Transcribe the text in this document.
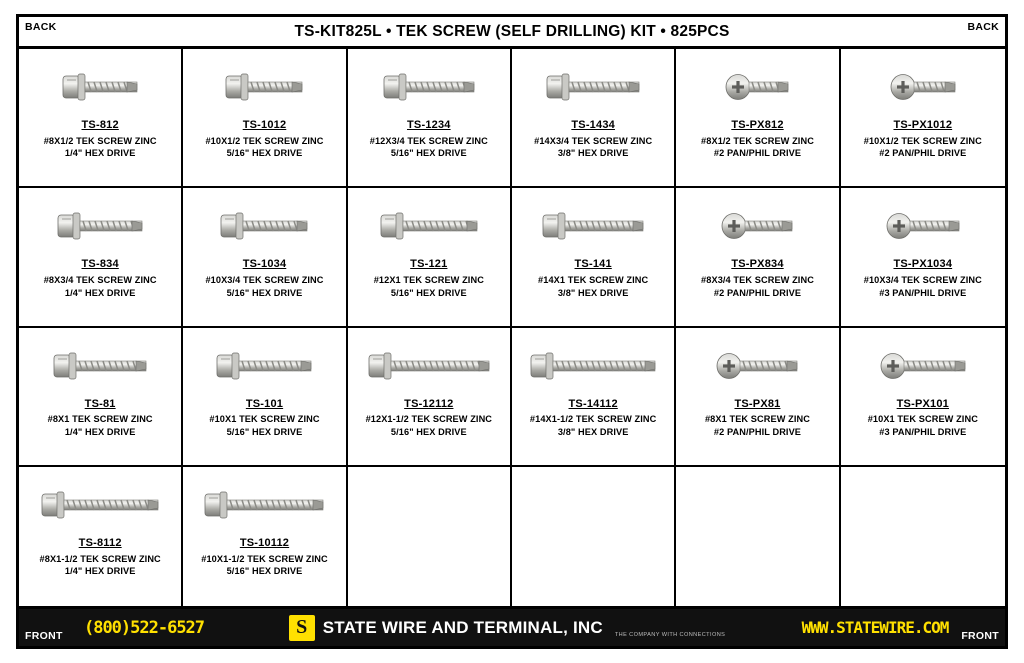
BACK	TS-KIT825L • TEK SCREW (SELF DRILLING) KIT • 825PCS	BACK
TS-812
#8X1/2 TEK SCREW ZINC
1/4" HEX DRIVE
TS-1012
#10X1/2 TEK SCREW ZINC
5/16" HEX DRIVE
TS-1234
#12X3/4 TEK SCREW ZINC
5/16" HEX DRIVE
TS-1434
#14X3/4 TEK SCREW ZINC
3/8" HEX DRIVE
TS-PX812
#8X1/2 TEK SCREW ZINC
#2 PAN/PHIL DRIVE
TS-PX1012
#10X1/2 TEK SCREW ZINC
#2 PAN/PHIL DRIVE
TS-834
#8X3/4 TEK SCREW ZINC
1/4" HEX DRIVE
TS-1034
#10X3/4 TEK SCREW ZINC
5/16" HEX DRIVE
TS-121
#12X1 TEK SCREW ZINC
5/16" HEX DRIVE
TS-141
#14X1 TEK SCREW ZINC
3/8" HEX DRIVE
TS-PX834
#8X3/4 TEK SCREW ZINC
#2 PAN/PHIL DRIVE
TS-PX1034
#10X3/4 TEK SCREW ZINC
#3 PAN/PHIL DRIVE
TS-81
#8X1 TEK SCREW ZINC
1/4" HEX DRIVE
TS-101
#10X1 TEK SCREW ZINC
5/16" HEX DRIVE
TS-12112
#12X1-1/2 TEK SCREW ZINC
5/16" HEX DRIVE
TS-14112
#14X1-1/2 TEK SCREW ZINC
3/8" HEX DRIVE
TS-PX81
#8X1 TEK SCREW ZINC
#2 PAN/PHIL DRIVE
TS-PX101
#10X1 TEK SCREW ZINC
#3 PAN/PHIL DRIVE
TS-8112
#8X1-1/2 TEK SCREW ZINC
1/4" HEX DRIVE
TS-10112
#10X1-1/2 TEK SCREW ZINC
5/16" HEX DRIVE
FRONT (800)522-6527	S STATE WIRE AND TERMINAL, INC THE COMPANY WITH CONNECTIONS	WWW.STATEWIRE.COM FRONT
